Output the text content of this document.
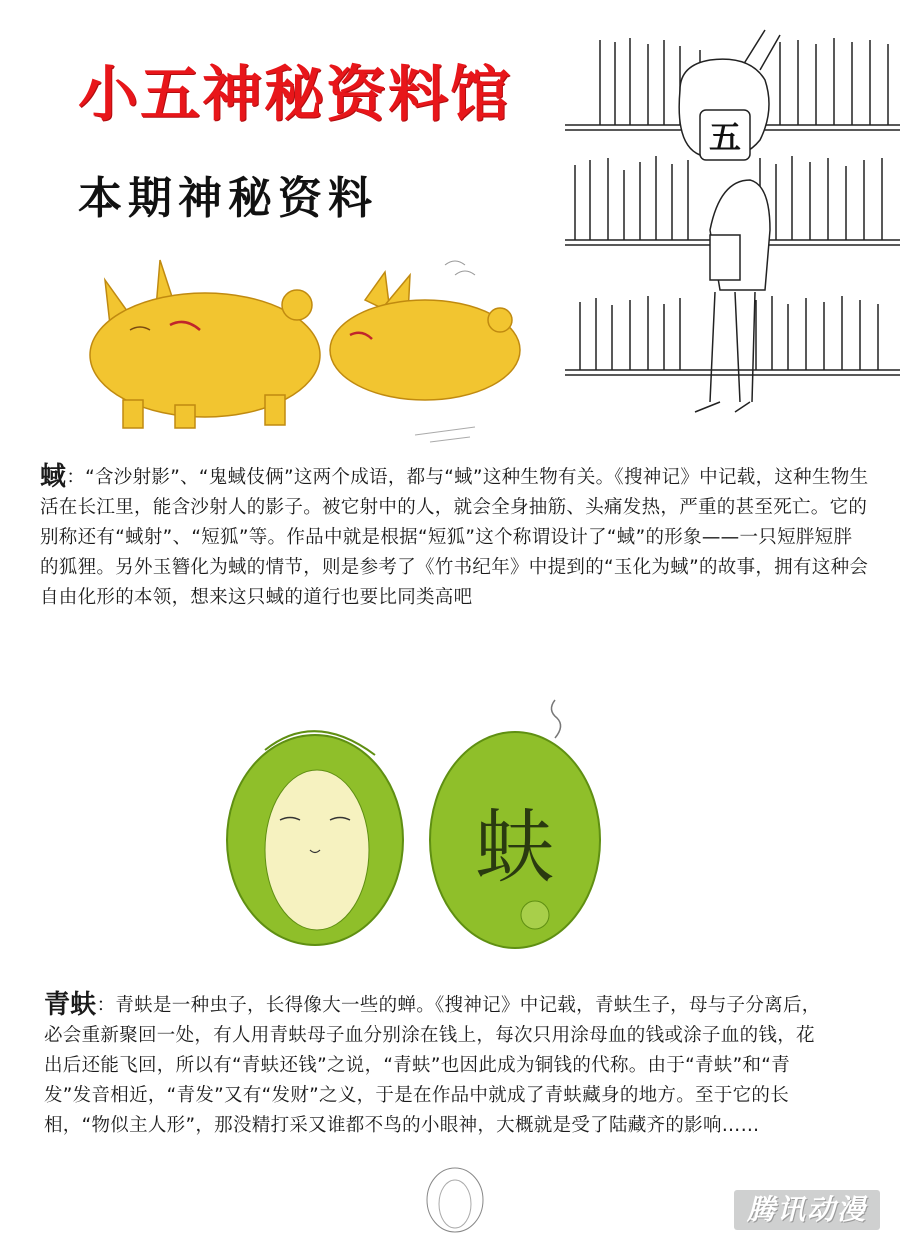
小五神秘资料馆
本期神秘资料
五
蜮：“含沙射影”、“鬼蜮伎俩”这两个成语，都与“蜮”这种生物有关。《搜神记》中记载，这种生物生活在长江里，能含沙射人的影子。被它射中的人，就会全身抽筋、头痛发热，严重的甚至死亡。它的别称还有“蜮射”、“短狐”等。作品中就是根据“短狐”这个称谓设计了“蜮”的形象——一只短胖短胖的狐狸。另外玉簪化为蜮的情节，则是参考了《竹书纪年》中提到的“玉化为蜮”的故事，拥有这种会自由化形的本领，想来这只蜮的道行也要比同类高吧
蚨
青蚨：青蚨是一种虫子，长得像大一些的蝉。《搜神记》中记载，青蚨生子，母与子分离后，必会重新聚回一处，有人用青蚨母子血分别涂在钱上，每次只用涂母血的钱或涂子血的钱，花出后还能飞回，所以有“青蚨还钱”之说，“青蚨”也因此成为铜钱的代称。由于“青蚨”和“青发”发音相近，“青发”又有“发财”之义，于是在作品中就成了青蚨藏身的地方。至于它的长相，“物似主人形”，那没精打采又谁都不鸟的小眼神，大概就是受了陆藏齐的影响……
腾讯动漫
